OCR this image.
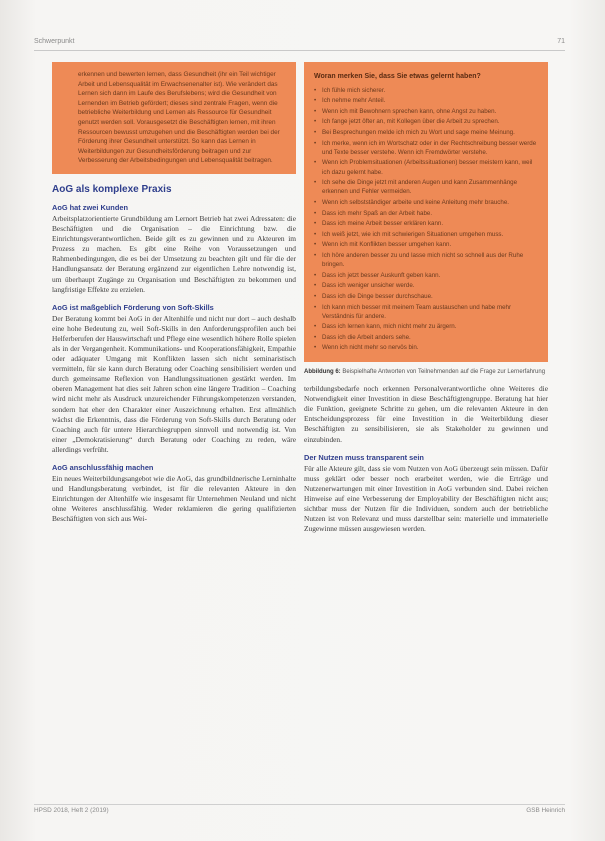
Schwerpunkt	71

erkennen und bewerten lernen, dass Gesundheit (ihr ein Teil wichtiger Arbeit und Lebensqualität im Erwachsenenalter ist). Wie verändert das Lernen sich dann im Laufe des Berufslebens; wird die Gesundheit von Lernenden im Betrieb gefördert; dieses sind zentrale Fragen, wenn die betriebliche Weiterbildung und Lernen als Ressource für Gesundheit genutzt werden soll. Vorausgesetzt die Beschäftigten lernen, mit ihren Ressourcen bewusst umzugehen und die Beschäftigten werden bei der Förderung ihrer Gesundheit unterstützt. So kann das Lernen in Weiterbildungen zur Gesundheitsförderung beitragen und zur Verbesserung der Arbeitsbedingungen und Lebensqualität beitragen.

AoG als komplexe Praxis
AoG hat zwei Kunden

Arbeitsplatzorientierte Grundbildung am Lernort Betrieb hat zwei Adressaten: die Beschäftigten und die Organisation – die Einrichtung bzw. die Einrichtungsverantwortlichen. Beide gilt es zu gewinnen und zu Akteuren im Prozess zu machen. Es gibt eine Reihe von Voraussetzungen und Rahmenbedingungen, die es bei der Umsetzung zu beachten gilt und für die der Handlungsansatz der Beratung ergänzend zur eigentlichen Lehre notwendig ist, um überhaupt Zugänge zu Organisation und Beschäftigten zu bekommen und langfristige Effekte zu erzielen.

AoG ist maßgeblich Förderung von Soft-Skills

Der Beratung kommt bei AoG in der Altenhilfe und nicht nur dort – auch deshalb eine hohe Bedeutung zu, weil Soft-Skills in den Anforderungsprofilen auch bei Helferberufen der Hauswirtschaft und Pflege eine wesentlich höhere Rolle spielen als in der Vergangenheit. Kommunikations- und Kooperationsfähigkeit, Empathie oder adäquater Umgang mit Konflikten lassen sich nicht seminaristisch vermitteln, für sie kann durch Beratung oder Coaching sensibilisiert werden und durch gemeinsame Reflexion von Handlungssituationen gestärkt werden. Im oberen Management hat dies seit Jahren schon eine längere Tradition – Coaching wird nicht mehr als Ausdruck unzureichender Führungskompetenzen verstanden, sondern hat eher den Charakter einer Auszeichnung erhalten. Erst allmählich wächst die Erkenntnis, dass die Förderung von Soft-Skills durch Beratung oder Coaching auch für untere Hierarchiegruppen sinnvoll und notwendig ist. Von einer „Demokratisierung“ durch Beratung oder Coaching zu reden, wäre allerdings verfrüht.

AoG anschlussfähig machen

Ein neues Weiterbildungsangebot wie die AoG, das grundbildnerische Lerninhalte und Handlungsberatung verbindet, ist für die relevanten Akteure in den Einrichtungen der Altenhilfe wie insgesamt für Unternehmen Neuland und nicht ohne Weiteres anschlussfähig. Weder reklamieren die gering qualifizierten Beschäftigten von sich aus Wei-

Woran merken Sie, dass Sie etwas gelernt haben?
• Ich fühle mich sicherer.
• Ich nehme mehr Anteil.
• Wenn ich mit Bewohnern sprechen kann, ohne Angst zu haben.
• Ich fange jetzt öfter an, mit Kollegen über die Arbeit zu sprechen.
• Bei Besprechungen melde ich mich zu Wort und sage meine Meinung.
• Ich merke, wenn ich im Wortschatz oder in der Rechtschreibung besser werde und Texte besser verstehe. Wenn ich Fremdwörter verstehe.
• Wenn ich Problemsituationen (Arbeitssituationen) besser meistern kann, weil ich dazu gelernt habe.
• Ich sehe die Dinge jetzt mit anderen Augen und kann Zusammenhänge erkennen und Fehler vermeiden.
• Wenn ich selbstständiger arbeite und keine Anleitung mehr brauche.
• Dass ich mehr Spaß an der Arbeit habe.
• Dass ich meine Arbeit besser erklären kann.
• Ich weiß jetzt, wie ich mit schwierigen Situationen umgehen muss.
• Wenn ich mit Konflikten besser umgehen kann.
• Ich höre anderen besser zu und lasse mich nicht so schnell aus der Ruhe bringen.
• Dass ich jetzt besser Auskunft geben kann.
• Dass ich weniger unsicher werde.
• Dass ich die Dinge besser durchschaue.
• Ich kann mich besser mit meinem Team austauschen und habe mehr Verständnis für andere.
• Dass ich lernen kann, mich nicht mehr zu ärgern.
• Dass ich die Arbeit anders sehe.
• Wenn ich nicht mehr so nervös bin.

Abbildung 6: Beispielhafte Antworten von Teilnehmenden auf die Frage zur Lernerfahrung

terbildungsbedarfe noch erkennen Personalverantwortliche ohne Weiteres die Notwendigkeit einer Investition in diese Beschäftigtengruppe. Beratung hat hier die Funktion, geeignete Schritte zu gehen, um die relevanten Akteure in den Entscheidungsprozess für eine Investition in die Weiterbildung dieser Beschäftigten zu sensibilisieren, sie als Stakeholder zu gewinnen und einzubinden.

Der Nutzen muss transparent sein

Für alle Akteure gilt, dass sie vom Nutzen von AoG überzeugt sein müssen. Dafür muss geklärt oder besser noch erarbeitet werden, wie die Erträge und Nutzenerwartungen mit einer Investition in AoG verbunden sind. Dabei reichen Hinweise auf eine Verbesserung der Employability der Beschäftigten nicht aus; sichtbar muss der Nutzen für die Individuen, sondern auch der betriebliche Nutzen ist von Relevanz und muss darstellbar sein: materielle und immaterielle Zugewinne müssen ausgewiesen werden.

HPSD 2018, Heft 2 (2019)	GSB Heinrich
